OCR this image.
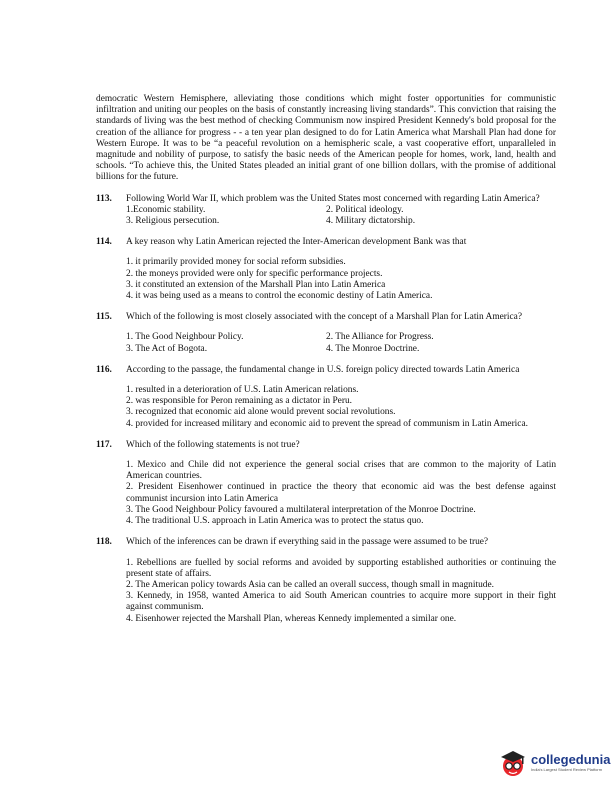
democratic Western Hemisphere, alleviating those conditions which might foster opportunities for communistic infiltration and uniting our peoples on the basis of constantly increasing living standards”. This conviction that raising the standards of living was the best method of checking Communism now inspired President Kennedy's bold proposal for the creation of the alliance for progress - - a ten year plan designed to do for Latin America what Marshall Plan had done for Western Europe. It was to be “a peaceful revolution on a hemispheric scale, a vast cooperative effort, unparalleled in magnitude and nobility of purpose, to satisfy the basic needs of the American people for homes, work, land, health and schools. “To achieve this, the United States pleaded an initial grant of one billion dollars, with the promise of additional billions for the future.

113.	Following World War II, which problem was the United States most concerned with regarding Latin America?
1.Economic stability.	2. Political ideology.
3. Religious persecution.	4. Military dictatorship.
114.	A key reason why Latin American rejected the Inter-American development Bank was that
1. it primarily provided money for social reform subsidies.
2. the moneys provided were only for specific performance projects.
3. it constituted an extension of the Marshall Plan into Latin America
4. it was being used as a means to control the economic destiny of Latin America.
115.	Which of the following is most closely associated with the concept of a Marshall Plan for Latin America?
1. The Good Neighbour Policy.	2. The Alliance for Progress.
3. The Act of Bogota.	4. The Monroe Doctrine.
116.	According to the passage, the fundamental change in U.S. foreign policy directed towards Latin America
1. resulted in a deterioration of U.S. Latin American relations.
2. was responsible for Peron remaining as a dictator in Peru.
3. recognized that economic aid alone would prevent social revolutions.
4. provided for increased military and economic aid to prevent the spread of communism in Latin America.
117.	Which of the following statements is not true?
1. Mexico and Chile did not experience the general social crises that are common to the majority of Latin American countries.
2. President Eisenhower continued in practice the theory that economic aid was the best defense against communist incursion into Latin America
3. The Good Neighbour Policy favoured a multilateral interpretation of the Monroe Doctrine.
4. The traditional U.S. approach in Latin America was to protect the status quo.
118.	Which of the inferences can be drawn if everything said in the passage were assumed to be true?
1. Rebellions are fuelled by social reforms and avoided by supporting established authorities or continuing the present state of affairs.
2. The American policy towards Asia can be called an overall success, though small in magnitude.
3. Kennedy, in 1958, wanted America to aid South American countries to acquire more support in their fight against communism.
4. Eisenhower rejected the Marshall Plan, whereas Kennedy implemented a similar one.
collegedunia
India's Largest Student Review Platform
